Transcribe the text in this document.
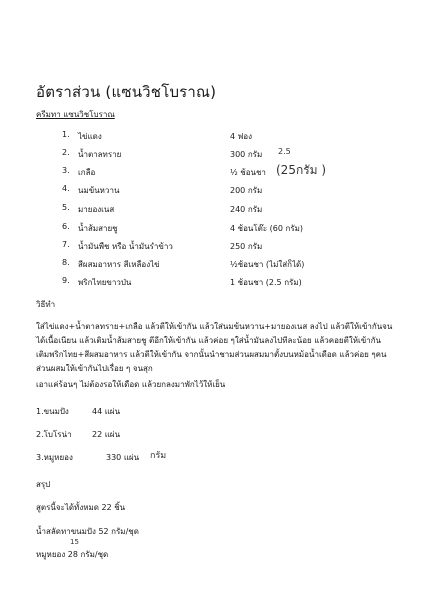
อัตราส่วน (แซนวิชโบราณ)
ครีมทา แซนวิชโบราณ
1. ไข่แดง	4 ฟอง
2. น้ำตาลทราย	300 กรัม
3. เกลือ	½ ช้อนชา
2.5
(25กรัม )
4. นมข้นหวาน	200 กรัม
5. มายองเนส	240 กรัม
6. น้ำส้มสายชู	4 ช้อนโต๊ะ (60 กรัม)
7. น้ำมันพืช หรือ น้ำมันรำข้าว	250 กรัม
8. สีผสมอาหาร สีเหลืองไข่	½ช้อนชา (ไม่ใส่ก็ได้)
9. พริกไทยขาวป่น	1 ช้อนชา (2.5 กรัม)
วิธีทำ
ใส่ไข่แดง+น้ำตาลทราย+เกลือ แล้วตีให้เข้ากัน แล้วใส่นมข้นหวาน+มายองเนส ลงไป แล้วตีให้เข้ากันจนได้เนื้อเนียน แล้วเติมน้ำส้มสายชู ตีอีกให้เข้ากัน แล้วค่อย ๆใส่น้ำมันลงไปทีละน้อย แล้วคอยตีให้เข้ากัน เติมพริกไทย+สีผสมอาหาร แล้วตีให้เข้ากัน จากนั้นนำชามส่วนผสมมาตั้งบนหม้อน้ำเดือด แล้วค่อย ๆคนส่วนผสมให้เข้ากันไปเรื่อย ๆ จนสุก
เอาแค่ร้อนๆ ไม่ต้องรอให้เดือด แล้วยกลงมาพักไว้ให้เย็น
1.ขนมปัง	44 แผ่น
2.โบโรน่า	22 แผ่น
3.หมูหยอง	330 แผ่น กรัม
สรุป
สูตรนี้จะได้ทั้งหมด 22 ชิ้น
น้ำสลัดทาขนมปัง 52 กรัม/ชุด
15
หมูหยอง 28 กรัม/ชุด
